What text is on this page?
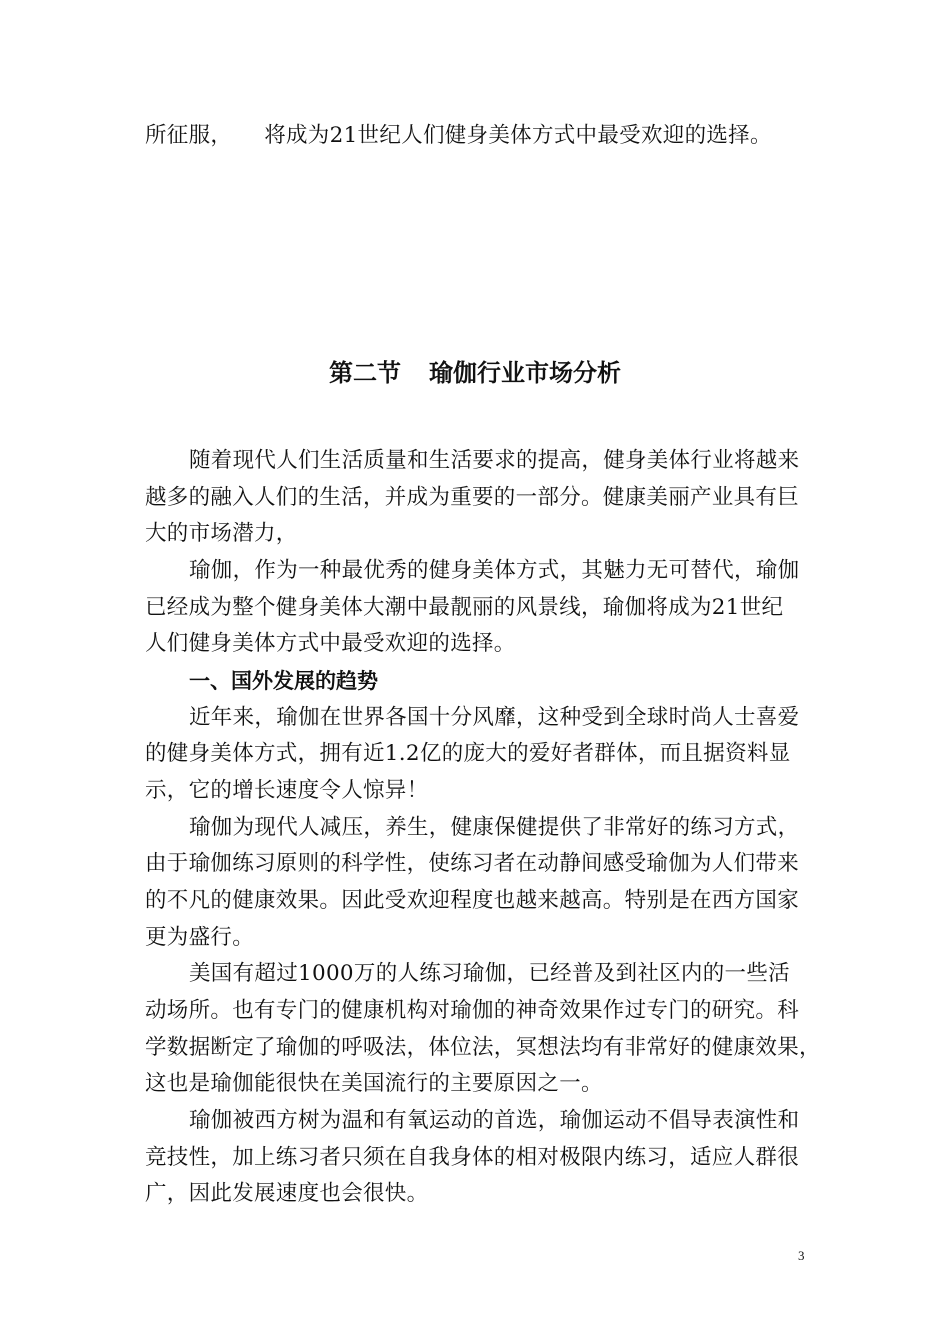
所征服， 将成为21世纪人们健身美体方式中最受欢迎的选择。
第二节 瑜伽行业市场分析
随着现代人们生活质量和生活要求的提高，健身美体行业将越来
越多的融入人们的生活，并成为重要的一部分。健康美丽产业具有巨
大的市场潜力，
瑜伽，作为一种最优秀的健身美体方式，其魅力无可替代，瑜伽
已经成为整个健身美体大潮中最靓丽的风景线，瑜伽将成为21世纪
人们健身美体方式中最受欢迎的选择。
一、国外发展的趋势
近年来，瑜伽在世界各国十分风靡，这种受到全球时尚人士喜爱
的健身美体方式，拥有近1.2亿的庞大的爱好者群体，而且据资料显
示，它的增长速度令人惊异！
瑜伽为现代人减压，养生，健康保健提供了非常好的练习方式，
由于瑜伽练习原则的科学性，使练习者在动静间感受瑜伽为人们带来
的不凡的健康效果。因此受欢迎程度也越来越高。特别是在西方国家
更为盛行。
美国有超过1000万的人练习瑜伽，已经普及到社区内的一些活
动场所。也有专门的健康机构对瑜伽的神奇效果作过专门的研究。科
学数据断定了瑜伽的呼吸法，体位法，冥想法均有非常好的健康效果，
这也是瑜伽能很快在美国流行的主要原因之一。
瑜伽被西方树为温和有氧运动的首选，瑜伽运动不倡导表演性和
竞技性，加上练习者只须在自我身体的相对极限内练习，适应人群很
广，因此发展速度也会很快。
3
